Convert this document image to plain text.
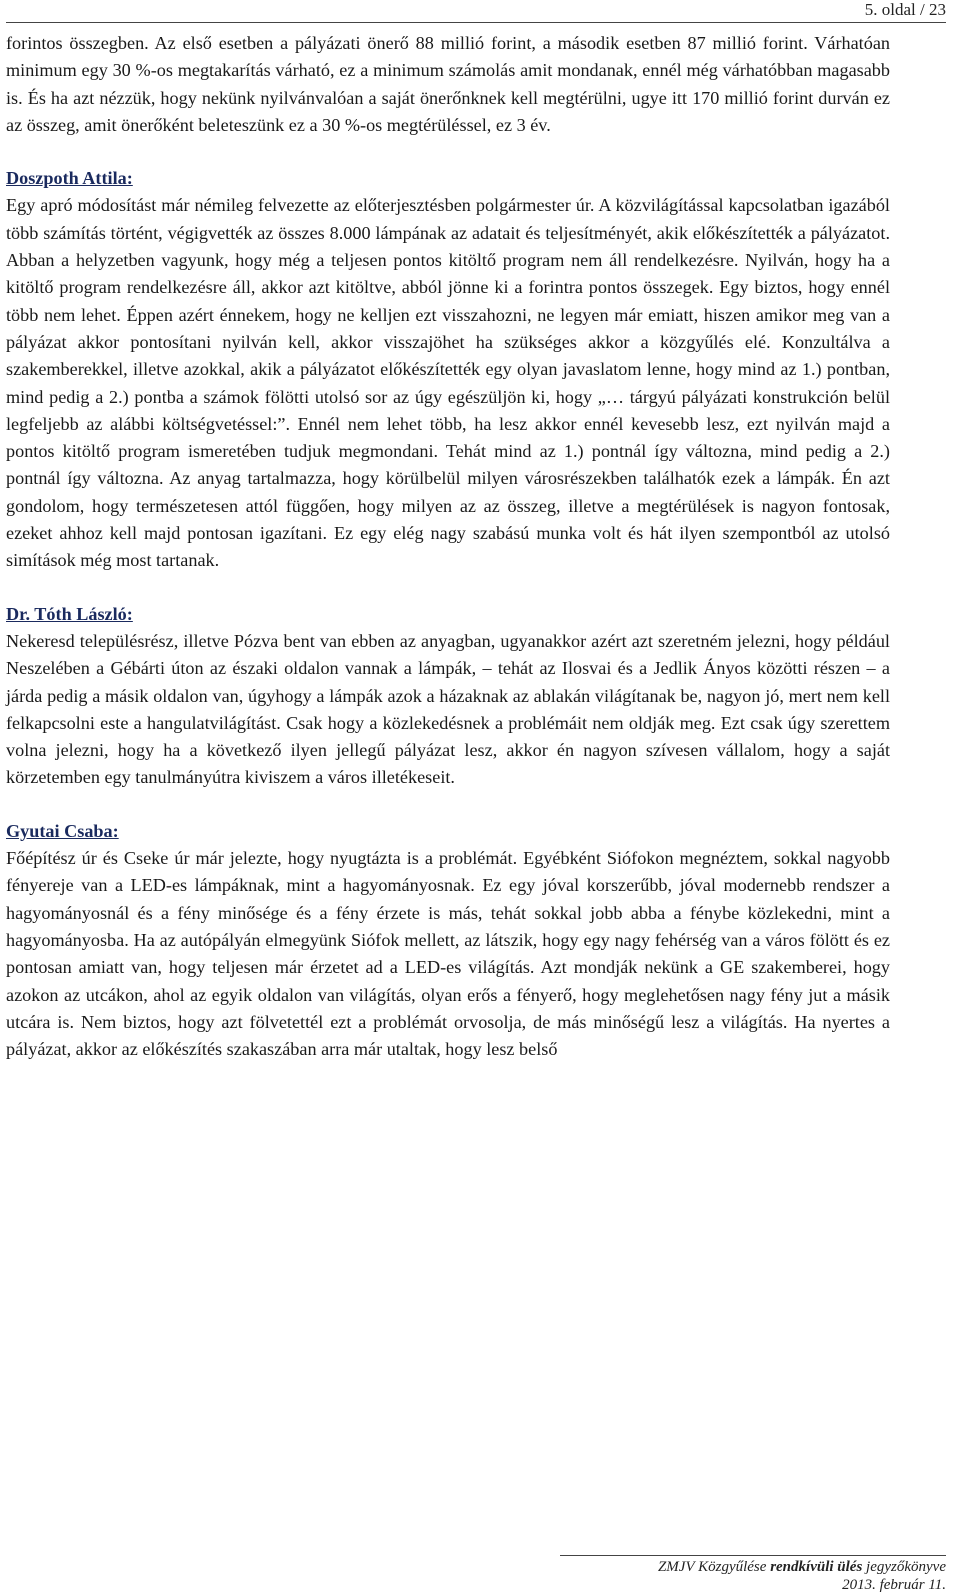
5. oldal / 23

forintos összegben. Az első esetben a pályázati önerő 88 millió forint, a második esetben 87 millió forint. Várhatóan minimum egy 30 %-os megtakarítás várható, ez a minimum számolás amit mondanak, ennél még várhatóbban magasabb is. És ha azt nézzük, hogy nekünk nyilvánvalóan a saját önerőnknek kell megtérülni, ugye itt 170 millió forint durván ez az összeg, amit önerőként beleteszünk ez a 30 %-os megtérüléssel, ez 3 év.

Doszpoth Attila:

Egy apró módosítást már némileg felvezette az előterjesztésben polgármester úr. A közvilágítással kapcsolatban igazából több számítás történt, végigvették az összes 8.000 lámpának az adatait és teljesítményét, akik előkészítették a pályázatot. Abban a helyzetben vagyunk, hogy még a teljesen pontos kitöltő program nem áll rendelkezésre. Nyilván, hogy ha a kitöltő program rendelkezésre áll, akkor azt kitöltve, abból jönne ki a forintra pontos összegek. Egy biztos, hogy ennél több nem lehet. Éppen azért énnekem, hogy ne kelljen ezt visszahozni, ne legyen már emiatt, hiszen amikor meg van a pályázat akkor pontosítani nyilván kell, akkor visszajöhet ha szükséges akkor a közgyűlés elé. Konzultálva a szakemberekkel, illetve azokkal, akik a pályázatot előkészítették egy olyan javaslatom lenne, hogy mind az 1.) pontban, mind pedig a 2.) pontba a számok fölötti utolsó sor az úgy egészüljön ki, hogy „… tárgyú pályázati konstrukción belül legfeljebb az alábbi költségvetéssel:”. Ennél nem lehet több, ha lesz akkor ennél kevesebb lesz, ezt nyilván majd a pontos kitöltő program ismeretében tudjuk megmondani. Tehát mind az 1.) pontnál így változna, mind pedig a 2.) pontnál így változna. Az anyag tartalmazza, hogy körülbelül milyen városrészekben találhatók ezek a lámpák. Én azt gondolom, hogy természetesen attól függően, hogy milyen az az összeg, illetve a megtérülések is nagyon fontosak, ezeket ahhoz kell majd pontosan igazítani. Ez egy elég nagy szabású munka volt és hát ilyen szempontból az utolsó simítások még most tartanak.

Dr. Tóth László:

Nekeresd településrész, illetve Pózva bent van ebben az anyagban, ugyanakkor azért azt szeretném jelezni, hogy például Neszelében a Gébárti úton az északi oldalon vannak a lámpák, – tehát az Ilosvai és a Jedlik Ányos közötti részen – a járda pedig a másik oldalon van, úgyhogy a lámpák azok a házaknak az ablakán világítanak be, nagyon jó, mert nem kell felkapcsolni este a hangulatvilágítást. Csak hogy a közlekedésnek a problémáit nem oldják meg. Ezt csak úgy szerettem volna jelezni, hogy ha a következő ilyen jellegű pályázat lesz, akkor én nagyon szívesen vállalom, hogy a saját körzetemben egy tanulmányútra kiviszem a város illetékeseit.

Gyutai Csaba:

Főépítész úr és Cseke úr már jelezte, hogy nyugtázta is a problémát. Egyébként Siófokon megnéztem, sokkal nagyobb fényereje van a LED-es lámpáknak, mint a hagyományosnak. Ez egy jóval korszerűbb, jóval modernebb rendszer a hagyományosnál és a fény minősége és a fény érzete is más, tehát sokkal jobb abba a fénybe közlekedni, mint a hagyományosba. Ha az autópályán elmegyünk Siófok mellett, az látszik, hogy egy nagy fehérség van a város fölött és ez pontosan amiatt van, hogy teljesen már érzetet ad a LED-es világítás. Azt mondják nekünk a GE szakemberei, hogy azokon az utcákon, ahol az egyik oldalon van világítás, olyan erős a fényerő, hogy meglehetősen nagy fény jut a másik utcára is. Nem biztos, hogy azt fölvetettél ezt a problémát orvosolja, de más minőségű lesz a világítás. Ha nyertes a pályázat, akkor az előkészítés szakaszában arra már utaltak, hogy lesz belső

ZMJV Közgyűlése rendkívüli ülés jegyzőkönyve
2013. február 11.
